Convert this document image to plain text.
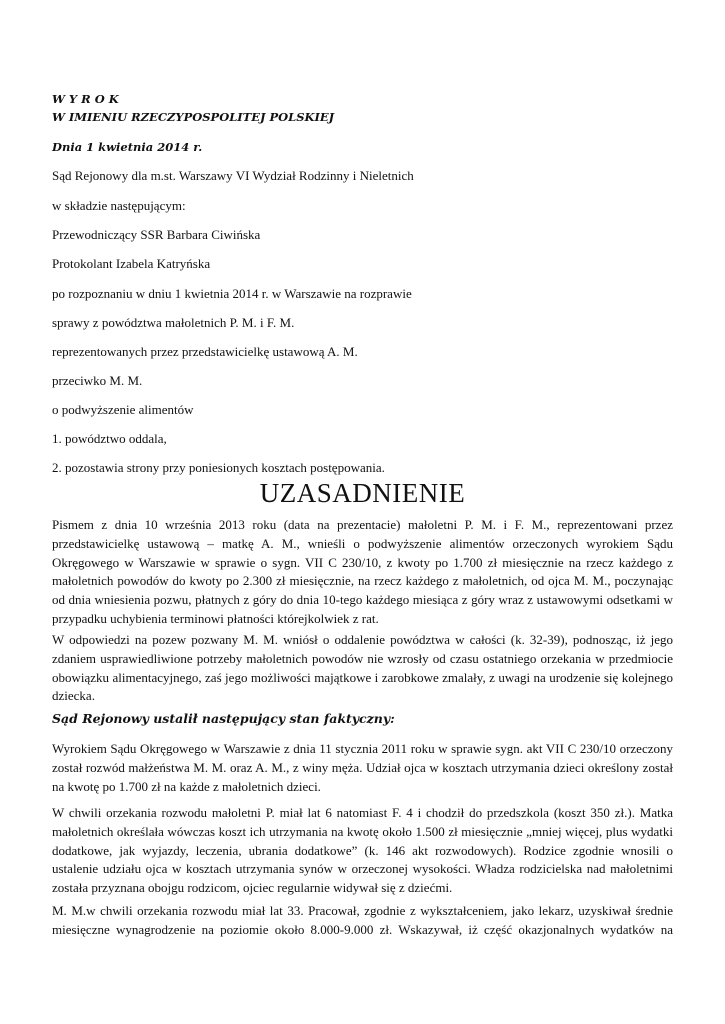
W Y R O K
W IMIENIU RZECZYPOSPOLITEJ POLSKIEJ
Dnia 1 kwietnia 2014 r.
Sąd Rejonowy dla m.st. Warszawy VI Wydział Rodzinny i Nieletnich
w składzie następującym:
Przewodniczący SSR Barbara Ciwińska
Protokolant Izabela Katryńska
po rozpoznaniu w dniu 1 kwietnia 2014 r. w Warszawie na rozprawie
sprawy z powództwa małoletnich P. M. i F. M.
reprezentowanych przez przedstawicielkę ustawową A. M.
przeciwko M. M.
o podwyższenie alimentów
1. powództwo oddala,
2. pozostawia strony przy poniesionych kosztach postępowania.
UZASADNIENIE
Pismem z dnia 10 września 2013 roku (data na prezentacie) małoletni P. M. i F. M., reprezentowani przez przedstawicielkę ustawową – matkę A. M., wnieśli o podwyższenie alimentów orzeczonych wyrokiem Sądu Okręgowego w Warszawie w sprawie o sygn. VII C 230/10, z kwoty po 1.700 zł miesięcznie na rzecz każdego z małoletnich powodów do kwoty po 2.300 zł miesięcznie, na rzecz każdego z małoletnich, od ojca M. M., poczynając od dnia wniesienia pozwu, płatnych z góry do dnia 10-tego każdego miesiąca z góry wraz z ustawowymi odsetkami w przypadku uchybienia terminowi płatności którejkolwiek z rat.
W odpowiedzi na pozew pozwany M. M. wniósł o oddalenie powództwa w całości (k. 32-39), podnosząc, iż jego zdaniem usprawiedliwione potrzeby małoletnich powodów nie wzrosły od czasu ostatniego orzekania w przedmiocie obowiązku alimentacyjnego, zaś jego możliwości majątkowe i zarobkowe zmalały, z uwagi na urodzenie się kolejnego dziecka.
Sąd Rejonowy ustalił następujący stan faktyczny:
Wyrokiem Sądu Okręgowego w Warszawie z dnia 11 stycznia 2011 roku w sprawie sygn. akt VII C 230/10 orzeczony został rozwód małżeństwa M. M. oraz A. M., z winy męża. Udział ojca w kosztach utrzymania dzieci określony został na kwotę po 1.700 zł na każde z małoletnich dzieci.
W chwili orzekania rozwodu małoletni P. miał lat 6 natomiast F. 4 i chodził do przedszkola (koszt 350 zł.). Matka małoletnich określała wówczas koszt ich utrzymania na kwotę około 1.500 zł miesięcznie „mniej więcej, plus wydatki dodatkowe, jak wyjazdy, leczenia, ubrania dodatkowe” (k. 146 akt rozwodowych). Rodzice zgodnie wnosili o ustalenie udziału ojca w kosztach utrzymania synów w orzeczonej wysokości. Władza rodzicielska nad małoletnimi została przyznana obojgu rodzicom, ojciec regularnie widywał się z dziećmi.
M. M.w chwili orzekania rozwodu miał lat 33. Pracował, zgodnie z wykształceniem, jako lekarz, uzyskiwał średnie miesięczne wynagrodzenie na poziomie około 8.000-9.000 zł. Wskazywał, iż część okazjonalnych wydatków na
